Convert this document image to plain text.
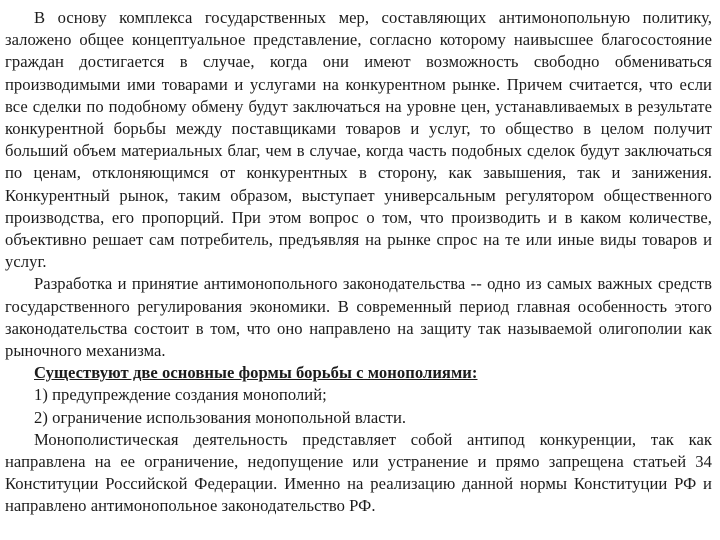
В основу комплекса государственных мер, составляющих антимонопольную политику, заложено общее концептуальное представление, согласно которому наивысшее благосостояние граждан достигается в случае, когда они имеют возможность свободно обмениваться производимыми ими товарами и услугами на конкурентном рынке. Причем считается, что если все сделки по подобному обмену будут заключаться на уровне цен, устанавливаемых в результате конкурентной борьбы между поставщиками товаров и услуг, то общество в целом получит больший объем материальных благ, чем в случае, когда часть подобных сделок будут заключаться по ценам, отклоняющимся от конкурентных в сторону, как завышения, так и занижения. Конкурентный рынок, таким образом, выступает универсальным регулятором общественного производства, его пропорций. При этом вопрос о том, что производить и в каком количестве, объективно решает сам потребитель, предъявляя на рынке спрос на те или иные виды товаров и услуг.

Разработка и принятие антимонопольного законодательства -- одно из самых важных средств государственного регулирования экономики. В современный период главная особенность этого законодательства состоит в том, что оно направлено на защиту так называемой олигополии как рыночного механизма.

Существуют две основные формы борьбы с монополиями:

1) предупреждение создания монополий;

2) ограничение использования монопольной власти.

Монополистическая деятельность представляет собой антипод конкуренции, так как направлена на ее ограничение, недопущение или устранение и прямо запрещена статьей 34 Конституции Российской Федерации. Именно на реализацию данной нормы Конституции РФ и направлено антимонопольное законодательство РФ.
